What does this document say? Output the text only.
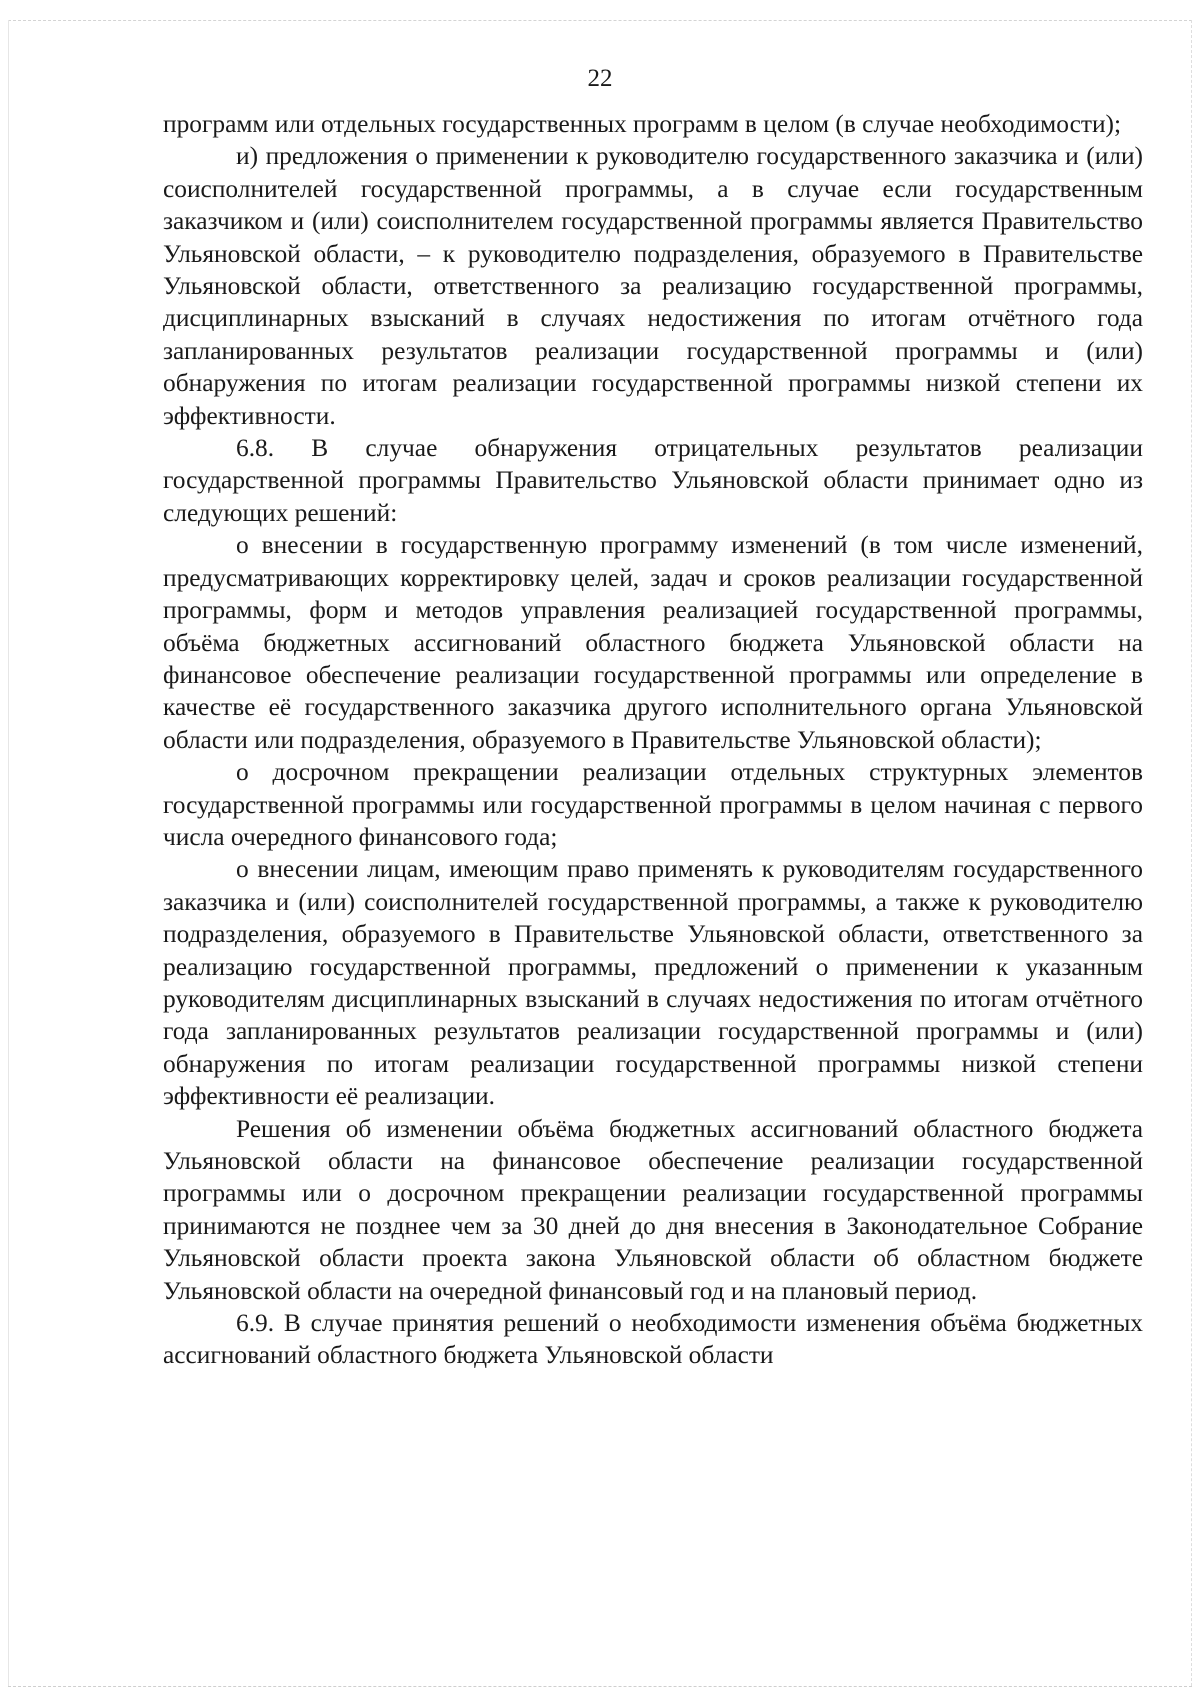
22

программ или отдельных государственных программ в целом (в случае необходимости);

и) предложения о применении к руководителю государственного заказчика и (или) соисполнителей государственной программы, а в случае если государственным заказчиком и (или) соисполнителем государственной программы является Правительство Ульяновской области, – к руководителю подразделения, образуемого в Правительстве Ульяновской области, ответственного за реализацию государственной программы, дисциплинарных взысканий в случаях недостижения по итогам отчётного года запланированных результатов реализации государственной программы и (или) обнаружения по итогам реализации государственной программы низкой степени их эффективности.

6.8. В случае обнаружения отрицательных результатов реализации государственной программы Правительство Ульяновской области принимает одно из следующих решений:

о внесении в государственную программу изменений (в том числе изменений, предусматривающих корректировку целей, задач и сроков реализации государственной программы, форм и методов управления реализацией государственной программы, объёма бюджетных ассигнований областного бюджета Ульяновской области на финансовое обеспечение реализации государственной программы или определение в качестве её государственного заказчика другого исполнительного органа Ульяновской области или подразделения, образуемого в Правительстве Ульяновской области);

о досрочном прекращении реализации отдельных структурных элементов государственной программы или государственной программы в целом начиная с первого числа очередного финансового года;

о внесении лицам, имеющим право применять к руководителям государственного заказчика и (или) соисполнителей государственной программы, а также к руководителю подразделения, образуемого в Правительстве Ульяновской области, ответственного за реализацию государственной программы, предложений о применении к указанным руководителям дисциплинарных взысканий в случаях недостижения по итогам отчётного года запланированных результатов реализации государственной программы и (или) обнаружения по итогам реализации государственной программы низкой степени эффективности её реализации.

Решения об изменении объёма бюджетных ассигнований областного бюджета Ульяновской области на финансовое обеспечение реализации государственной программы или о досрочном прекращении реализации государственной программы принимаются не позднее чем за 30 дней до дня внесения в Законодательное Собрание Ульяновской области проекта закона Ульяновской области об областном бюджете Ульяновской области на очередной финансовый год и на плановый период.

6.9. В случае принятия решений о необходимости изменения объёма бюджетных ассигнований областного бюджета Ульяновской области
